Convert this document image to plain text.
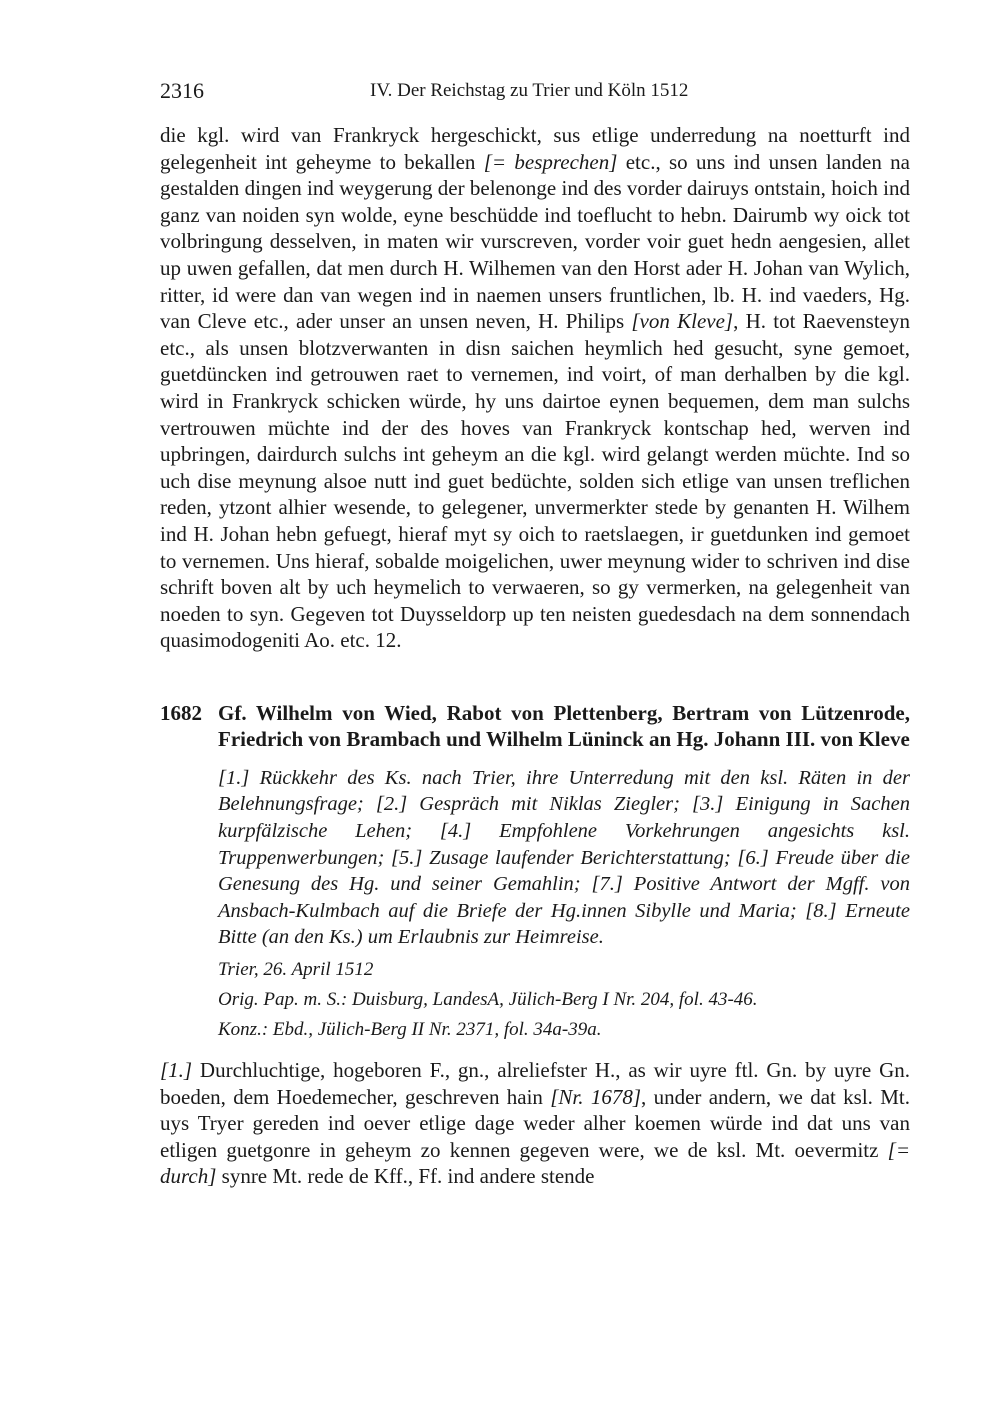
2316	IV. Der Reichstag zu Trier und Köln 1512

die kgl. wird van Frankryck hergeschickt, sus etlige underredung na noetturft ind gelegenheit int geheyme to bekallen [= besprechen] etc., so uns ind unsen landen na gestalden dingen ind weygerung der belenonge ind des vorder dairuys ontstain, hoich ind ganz van noiden syn wolde, eyne beschüdde ind toeflucht to hebn. Dairumb wy oick tot volbringung desselven, in maten wir vurscreven, vorder voir guet hedn aengesien, allet up uwen gefallen, dat men durch H. Wilhemen van den Horst ader H. Johan van Wylich, ritter, id were dan van wegen ind in naemen unsers fruntlichen, lb. H. ind vaeders, Hg. van Cleve etc., ader unser an unsen neven, H. Philips [von Kleve], H. tot Raevensteyn etc., als unsen blotzverwanten in disn saichen heymlich hed gesucht, syne gemoet, guetdüncken ind getrouwen raet to vernemen, ind voirt, of man derhalben by die kgl. wird in Frankryck schicken würde, hy uns dairtoe eynen bequemen, dem man sulchs vertrouwen müchte ind der des hoves van Frankryck kontschap hed, werven ind upbringen, dairdurch sulchs int geheym an die kgl. wird gelangt werden müchte. Ind so uch dise meynung alsoe nutt ind guet bedüchte, solden sich etlige van unsen treflichen reden, ytzont alhier wesende, to gelegener, unvermerkter stede by genanten H. Wilhem ind H. Johan hebn gefuegt, hieraf myt sy oich to raetslaegen, ir guetdunken ind gemoet to vernemen. Uns hieraf, sobalde moigelichen, uwer meynung wider to schriven ind dise schrift boven alt by uch heymelich to verwaeren, so gy vermerken, na gelegenheit van noeden to syn. Gegeven tot Duysseldorp up ten neisten guedesdach na dem sonnendach quasimodogeniti Ao. etc. 12.

1682 Gf. Wilhelm von Wied, Rabot von Plettenberg, Bertram von Lützenrode, Friedrich von Brambach und Wilhelm Lüninck an Hg. Johann III. von Kleve
[1.] Rückkehr des Ks. nach Trier, ihre Unterredung mit den ksl. Räten in der Belehnungsfrage; [2.] Gespräch mit Niklas Ziegler; [3.] Einigung in Sachen kurpfälzische Lehen; [4.] Empfohlene Vorkehrungen angesichts ksl. Truppenwerbungen; [5.] Zusage laufender Berichterstattung; [6.] Freude über die Genesung des Hg. und seiner Gemahlin; [7.] Positive Antwort der Mgff. von Ansbach-Kulmbach auf die Briefe der Hg.innen Sibylle und Maria; [8.] Erneute Bitte (an den Ks.) um Erlaubnis zur Heimreise.
Trier, 26. April 1512
Orig. Pap. m. S.: Duisburg, LandesA, Jülich-Berg I Nr. 204, fol. 43-46.
Konz.: Ebd., Jülich-Berg II Nr. 2371, fol. 34a-39a.

[1.] Durchluchtige, hogeboren F., gn., alreliefster H., as wir uyre ftl. Gn. by uyre Gn. boeden, dem Hoedemecher, geschreven hain [Nr. 1678], under andern, we dat ksl. Mt. uys Tryer gereden ind oever etlige dage weder alher koemen würde ind dat uns van etligen guetgonre in geheym zo kennen gegeven were, we de ksl. Mt. oevermitz [= durch] synre Mt. rede de Kff., Ff. ind andere stende
